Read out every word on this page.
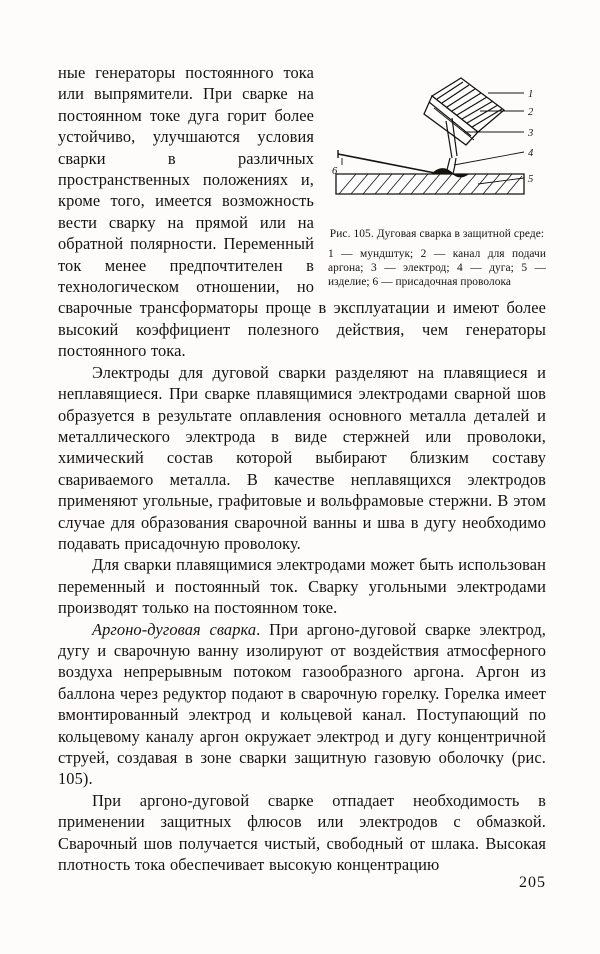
1
2
3
4
5
6
Рис. 105. Дуговая сварка в защитной среде:
1 — мундштук; 2 — канал для подачи аргона; 3 — электрод; 4 — дуга; 5 — изделие; 6 — присадочная проволока

ные генераторы постоянного тока или выпрямители. При сварке на постоянном токе дуга горит более устойчиво, улучшаются условия сварки в различных пространственных положениях и, кроме того, имеется возможность вести сварку на прямой или на обратной полярности. Переменный ток менее предпочтителен в технологическом отношении, но сварочные трансформаторы проще в эксплуатации и имеют более высокий коэффициент полезного действия, чем генераторы постоянного тока.

Электроды для дуговой сварки разделяют на плавящиеся и неплавящиеся. При сварке плавящимися электродами сварной шов образуется в результате оплавления основного металла деталей и металлического электрода в виде стержней или проволоки, химический состав которой выбирают близким составу свариваемого металла. В качестве неплавящихся электродов применяют угольные, графитовые и вольфрамовые стержни. В этом случае для образования сварочной ванны и шва в дугу необходимо подавать присадочную проволоку.

Для сварки плавящимися электродами может быть использован переменный и постоянный ток. Сварку угольными электродами производят только на постоянном токе.

Аргоно-дуговая сварка. При аргоно-дуговой сварке электрод, дугу и сварочную ванну изолируют от воздействия атмосферного воздуха непрерывным потоком газообразного аргона. Аргон из баллона через редуктор подают в сварочную горелку. Горелка имеет вмонтированный электрод и кольцевой канал. Поступающий по кольцевому каналу аргон окружает электрод и дугу концентричной струей, создавая в зоне сварки защитную газовую оболочку (рис. 105).

При аргоно-дуговой сварке отпадает необходимость в применении защитных флюсов или электродов с обмазкой. Сварочный шов получается чистый, свободный от шлака. Высокая плотность тока обеспечивает высокую концентрацию

205
